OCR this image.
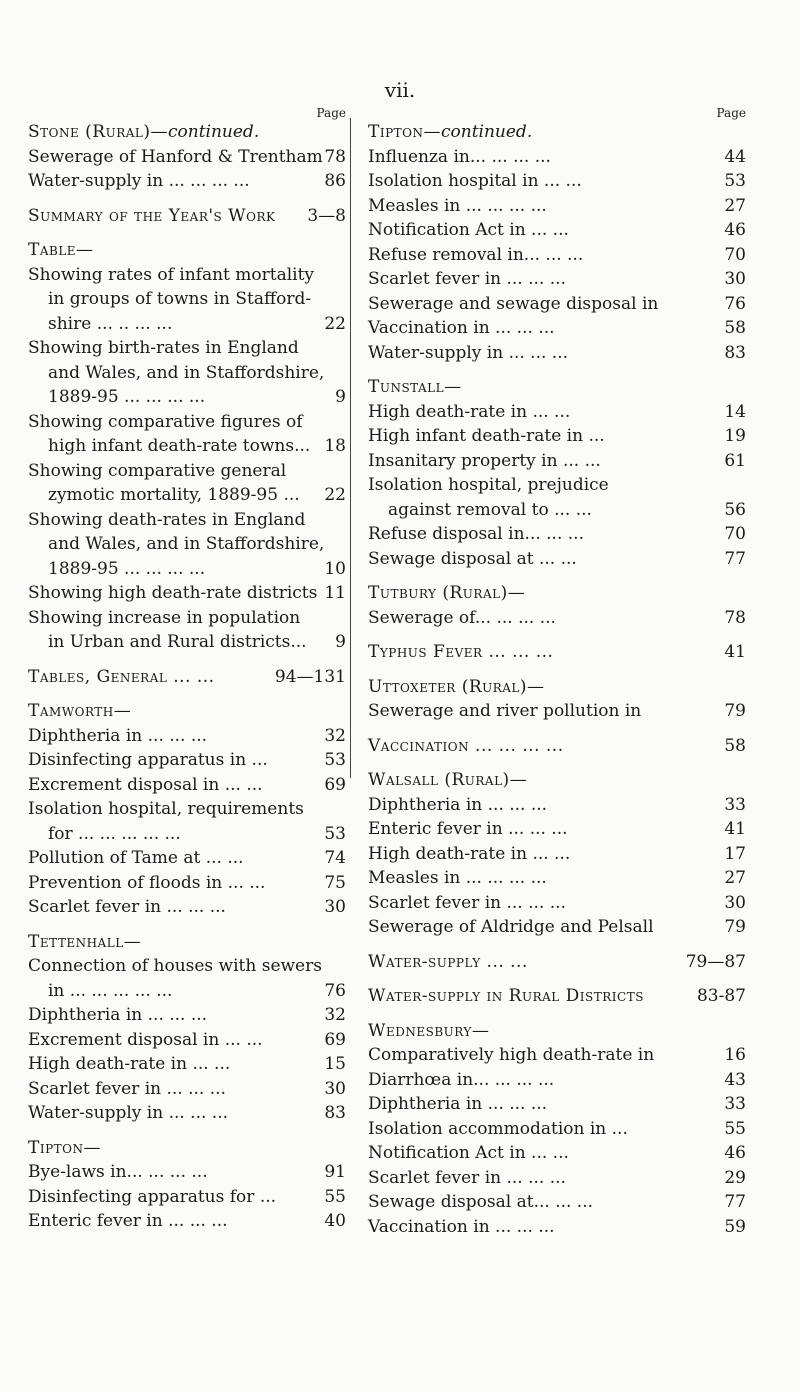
vii.
Page
Stone (Rural)—continued.
Sewerage of Hanford & Trentham 78
Water-supply in ... ... ... ...	86
Summary of the Year's Work 3—8
Table—
Showing rates of infant mortality
in groups of towns in Stafford-
shire ... .. ... ...	22
Showing birth-rates in England
and Wales, and in Staffordshire,
1889-95 ... ... ... ...	9
Showing comparative figures of
high infant death-rate towns... 18
Showing comparative general
zymotic mortality, 1889-95 ... 22
Showing death-rates in England
and Wales, and in Staffordshire,
1889-95 ... ... ... ...	10
Showing high death-rate districts 11
Showing increase in population
in Urban and Rural districts... 9
Tables, General ... ...	94—131
Tamworth—
Diphtheria in ... ... ...	32
Disinfecting apparatus in ...	53
Excrement disposal in ... ...	69
Isolation hospital, requirements
for ... ... ... ... ...	53
Pollution of Tame at ... ...	74
Prevention of floods in ... ...	75
Scarlet fever in ... ... ...	30
Tettenhall—
Connection of houses with sewers
in ... ... ... ... ...	76
Diphtheria in ... ... ...	32
Excrement disposal in ... ...	69
High death-rate in ... ...	15
Scarlet fever in ... ... ...	30
Water-supply in ... ... ...	83
Tipton—
Bye-laws in... ... ... ...	91
Disinfecting apparatus for ...	55
Enteric fever in ... ... ...	40
Page
Tipton—continued.
Influenza in... ... ... ...	44
Isolation hospital in ... ...	53
Measles in ... ... ... ...	27
Notification Act in ... ...	46
Refuse removal in... ... ...	70
Scarlet fever in ... ... ...	30
Sewerage and sewage disposal in	76
Vaccination in ... ... ...	58
Water-supply in ... ... ...	83
Tunstall—
High death-rate in ... ...	14
High infant death-rate in ...	19
Insanitary property in ... ...	61
Isolation hospital, prejudice
against removal to ... ...	56
Refuse disposal in... ... ...	70
Sewage disposal at ... ...	77
Tutbury (Rural)—
Sewerage of... ... ... ...	78
Typhus Fever ... ... ...	41
Uttoxeter (Rural)—
Sewerage and river pollution in	79
Vaccination ... ... ... ...	58
Walsall (Rural)—
Diphtheria in ... ... ...	33
Enteric fever in ... ... ...	41
High death-rate in ... ...	17
Measles in ... ... ... ...	27
Scarlet fever in ... ... ...	30
Sewerage of Aldridge and Pelsall	79
Water-supply ... ...	79—87
Water-supply in Rural Districts	83-87
Wednesbury—
Comparatively high death-rate in	16
Diarrhœa in... ... ... ...	43
Diphtheria in ... ... ...	33
Isolation accommodation in ...	55
Notification Act in ... ...	46
Scarlet fever in ... ... ...	29
Sewage disposal at... ... ...	77
Vaccination in ... ... ...	59
